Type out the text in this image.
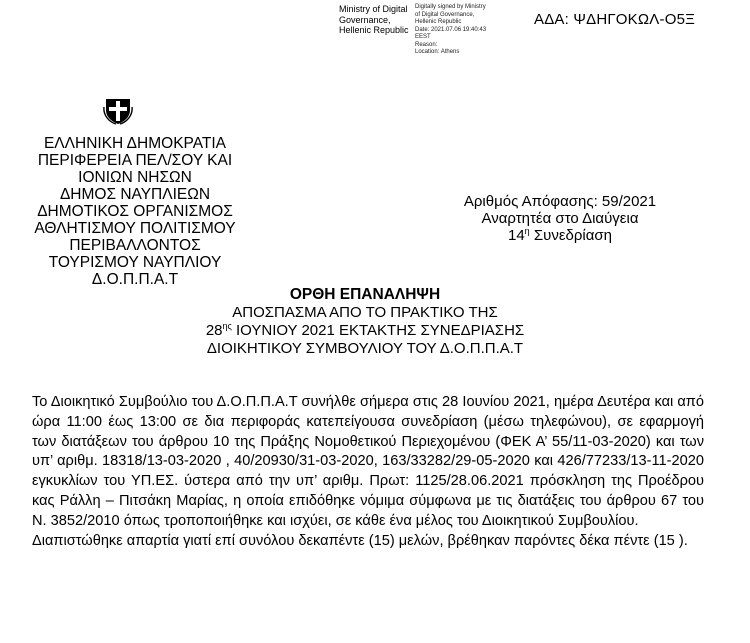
ΑΔΑ: ΨΔΗΓΟΚΩΛ-Ο5Ξ
Ministry of Digital
Governance,
Hellenic Republic
Digitally signed by Ministry
of Digital Governance,
Hellenic Republic
Date: 2021.07.06 19:40:43
EEST
Reason:
Location: Athens
ΕΛΛΗΝΙΚΗ ΔΗΜΟΚΡΑΤΙΑ
ΠΕΡΙΦΕΡΕΙΑ ΠΕΛ/ΣΟΥ ΚΑΙ
ΙΟΝΙΩΝ ΝΗΣΩΝ
ΔΗΜΟΣ ΝΑΥΠΛΙΕΩΝ
ΔΗΜΟΤΙΚΟΣ ΟΡΓΑΝΙΣΜΟΣ
ΑΘΛΗΤΙΣΜΟΥ ΠΟΛΙΤΙΣΜΟΥ
ΠΕΡΙΒΑΛΛΟΝΤΟΣ
ΤΟΥΡΙΣΜΟΥ ΝΑΥΠΛΙΟΥ
Δ.Ο.Π.Π.Α.Τ
Αριθμός Απόφασης: 59/2021
Αναρτητέα στο Διαύγεια
$14^\eta$ Συνεδρίαση
ΟΡΘΗ ΕΠΑΝΑΛΗΨΗ
ΑΠΟΣΠΑΣΜΑ ΑΠΟ ΤΟ ΠΡΑΚΤΙΚΟ ΤΗΣ
$28^{\eta\varsigma}$ ΙΟΥΝΙΟΥ 2021 ΕΚΤΑΚΤΗΣ ΣΥΝΕΔΡΙΑΣΗΣ
ΔΙΟΙΚΗΤΙΚΟΥ ΣΥΜΒΟΥΛΙΟΥ ΤΟΥ Δ.Ο.Π.Π.Α.Τ

Το Διοικητικό Συμβούλιο του Δ.Ο.Π.Π.Α.Τ συνήλθε σήμερα στις 28 Ιουνίου 2021, ημέρα Δευτέρα και από ώρα 11:00 έως 13:00 σε δια περιφοράς κατεπείγουσα συνεδρίαση (μέσω τηλεφώνου), σε εφαρμογή των διατάξεων του άρθρου 10 της Πράξης Νομοθετικού Περιεχομένου (ΦΕΚ Α’ 55/11-03-2020) και των υπ’ αριθμ. 18318/13-03-2020 , 40/20930/31-03-2020, 163/33282/29-05-2020 και 426/77233/13-11-2020 εγκυκλίων του ΥΠ.ΕΣ. ύστερα από την υπ’ αριθμ. Πρωτ: 1125/28.06.2021 πρόσκληση της Προέδρου κας Ράλλη – Πιτσάκη Μαρίας, η οποία επιδόθηκε νόμιμα σύμφωνα με τις διατάξεις του άρθρου 67 του Ν. 3852/2010 όπως τροποποιήθηκε και ισχύει, σε κάθε ένα μέλος του Διοικητικού Συμβουλίου.

Διαπιστώθηκε απαρτία γιατί επί συνόλου δεκαπέντε (15) μελών, βρέθηκαν παρόντες δέκα πέντε (15 ).
